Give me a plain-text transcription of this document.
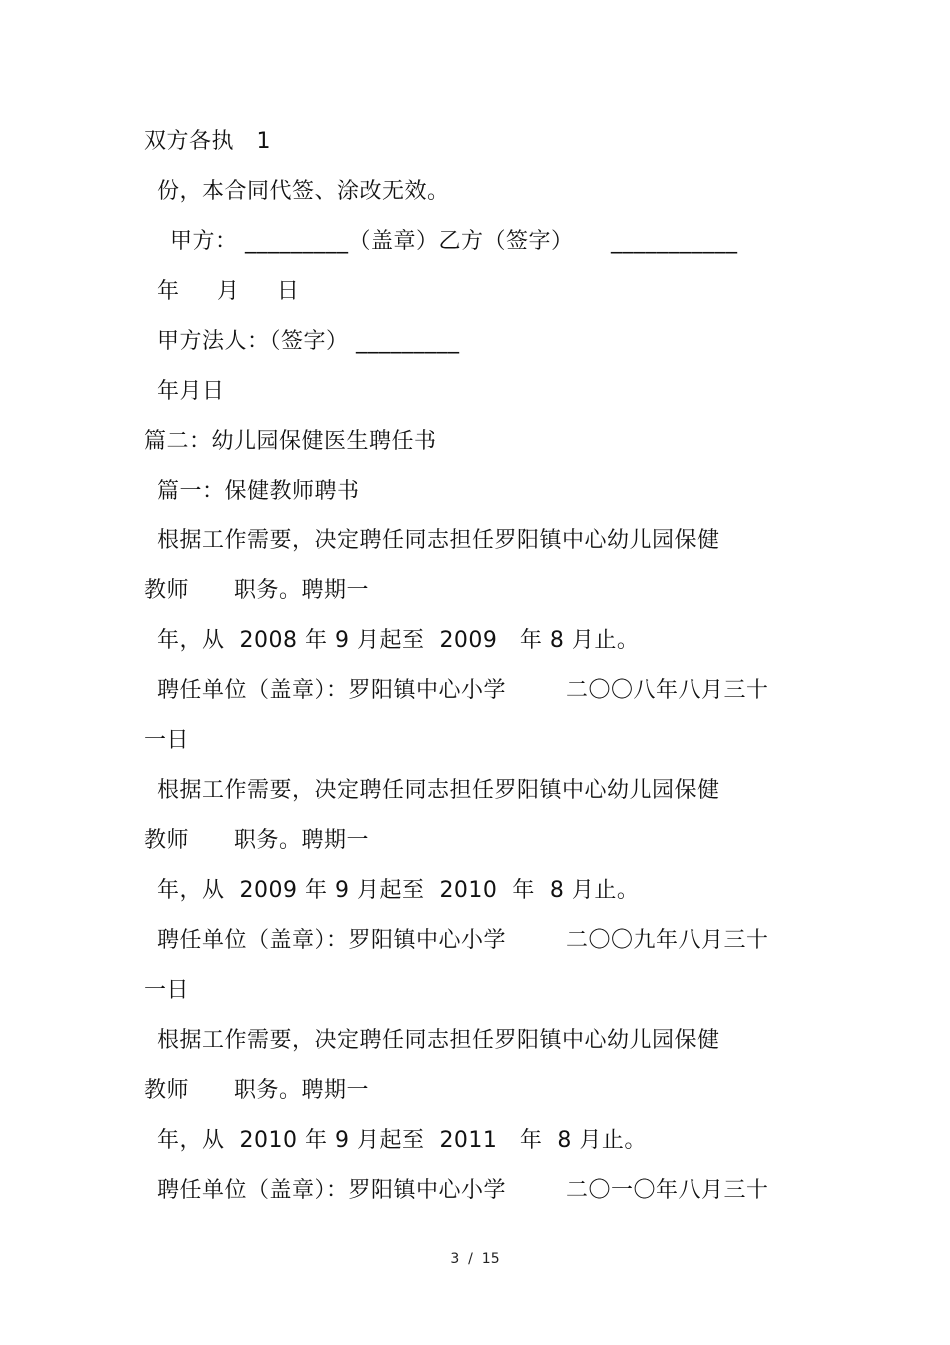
双方各执   1
份，本合同代签、涂改无效。
甲方： _________（盖章）乙方（签字）     ___________
年     月     日
甲方法人：（签字） _________
年月日
篇二：幼儿园保健医生聘任书
篇一：保健教师聘书
根据工作需要，决定聘任同志担任罗阳镇中心幼儿园保健
教师      职务。聘期一
年，从  2008 年 9 月起至  2009   年 8 月止。
聘任单位（盖章）：罗阳镇中心小学        二〇〇八年八月三十
一日
根据工作需要，决定聘任同志担任罗阳镇中心幼儿园保健
教师      职务。聘期一
年，从  2009 年 9 月起至  2010  年  8 月止。
聘任单位（盖章）：罗阳镇中心小学        二〇〇九年八月三十
一日
根据工作需要，决定聘任同志担任罗阳镇中心幼儿园保健
教师      职务。聘期一
年，从  2010 年 9 月起至  2011   年  8 月止。
聘任单位（盖章）：罗阳镇中心小学        二〇一〇年八月三十
3  /  15
